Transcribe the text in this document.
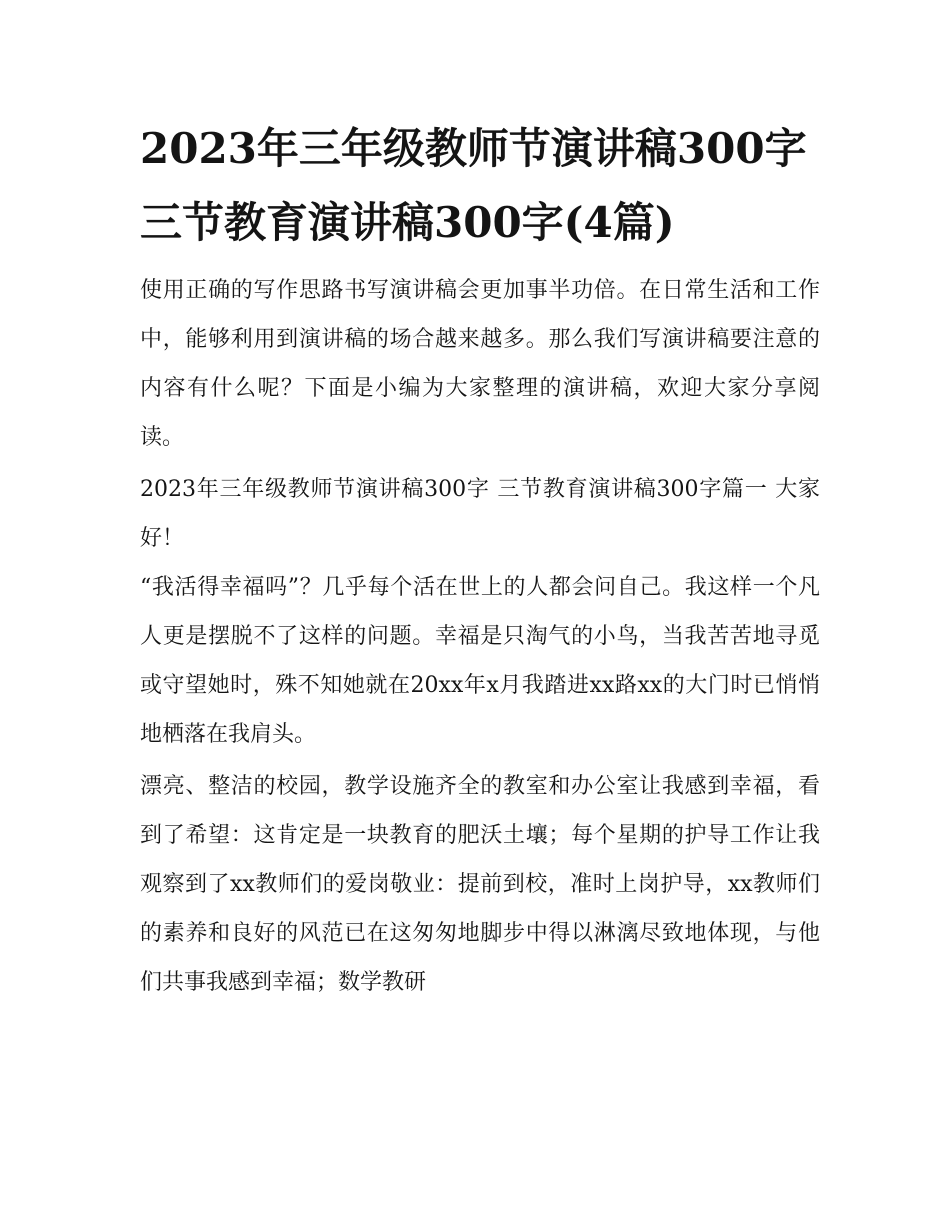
2023年三年级教师节演讲稿300字 三节教育演讲稿300字(4篇)

使用正确的写作思路书写演讲稿会更加事半功倍。在日常生活和工作中，能够利用到演讲稿的场合越来越多。那么我们写演讲稿要注意的内容有什么呢？下面是小编为大家整理的演讲稿，欢迎大家分享阅读。

2023年三年级教师节演讲稿300字 三节教育演讲稿300字篇一 大家好！

“我活得幸福吗”？几乎每个活在世上的人都会问自己。我这样一个凡人更是摆脱不了这样的问题。幸福是只淘气的小鸟，当我苦苦地寻觅或守望她时，殊不知她就在20xx年x月我踏进xx路xx的大门时已悄悄地栖落在我肩头。

漂亮、整洁的校园，教学设施齐全的教室和办公室让我感到幸福，看到了希望：这肯定是一块教育的肥沃土壤；每个星期的护导工作让我观察到了xx教师们的爱岗敬业：提前到校，准时上岗护导，xx教师们的素养和良好的风范已在这匆匆地脚步中得以淋漓尽致地体现，与他们共事我感到幸福；数学教研
